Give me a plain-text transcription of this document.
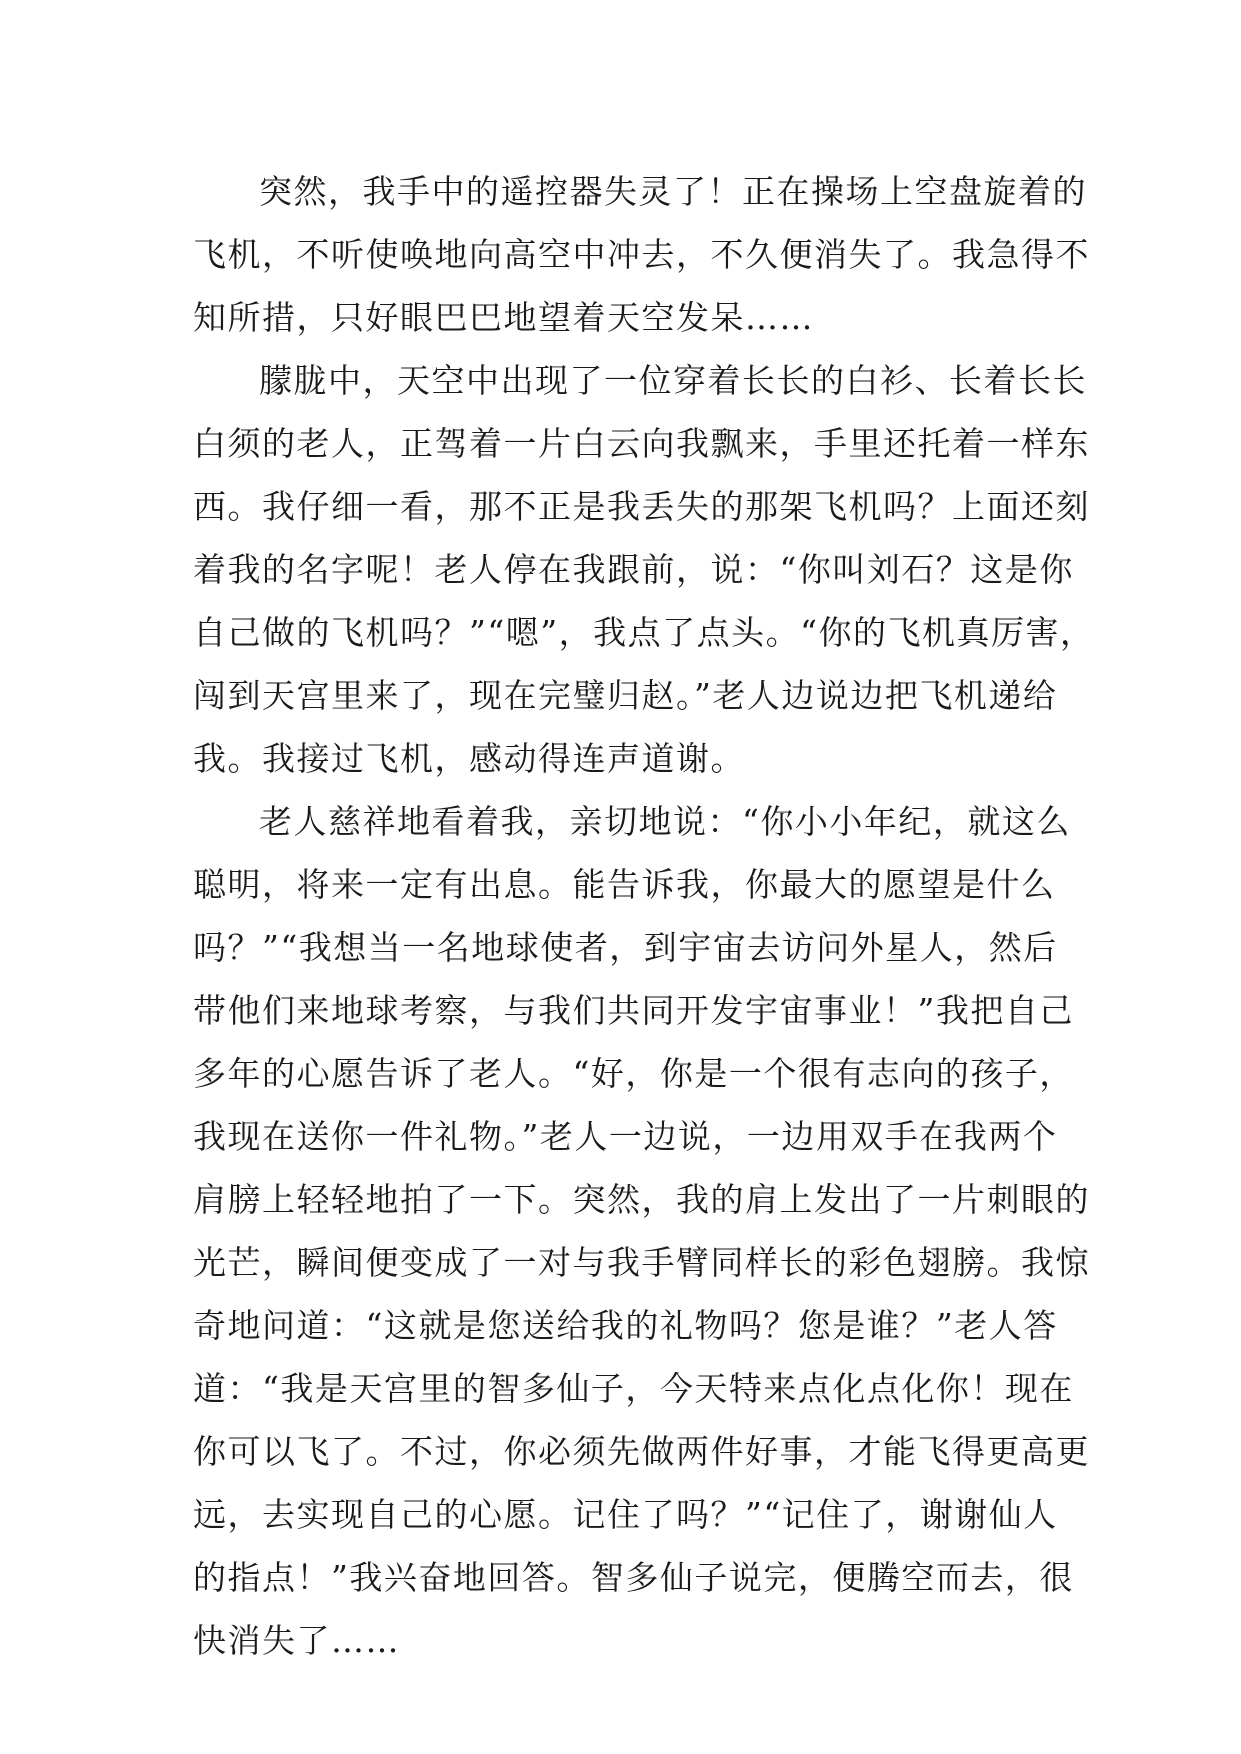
突然，我手中的遥控器失灵了！正在操场上空盘旋着的
飞机，不听使唤地向高空中冲去，不久便消失了。我急得不
知所措，只好眼巴巴地望着天空发呆……
朦胧中，天空中出现了一位穿着长长的白衫、长着长长
白须的老人，正驾着一片白云向我飘来，手里还托着一样东
西。我仔细一看，那不正是我丢失的那架飞机吗？上面还刻
着我的名字呢！老人停在我跟前，说：“你叫刘石？这是你
自己做的飞机吗？”“嗯”，我点了点头。“你的飞机真厉害，
闯到天宫里来了，现在完璧归赵。”老人边说边把飞机递给
我。我接过飞机，感动得连声道谢。
老人慈祥地看着我，亲切地说：“你小小年纪，就这么
聪明，将来一定有出息。能告诉我，你最大的愿望是什么
吗？”“我想当一名地球使者，到宇宙去访问外星人，然后
带他们来地球考察，与我们共同开发宇宙事业！”我把自己
多年的心愿告诉了老人。“好，你是一个很有志向的孩子，
我现在送你一件礼物。”老人一边说，一边用双手在我两个
肩膀上轻轻地拍了一下。突然，我的肩上发出了一片刺眼的
光芒，瞬间便变成了一对与我手臂同样长的彩色翅膀。我惊
奇地问道：“这就是您送给我的礼物吗？您是谁？”老人答
道：“我是天宫里的智多仙子，今天特来点化点化你！现在
你可以飞了。不过，你必须先做两件好事，才能飞得更高更
远，去实现自己的心愿。记住了吗？”“记住了，谢谢仙人
的指点！”我兴奋地回答。智多仙子说完，便腾空而去，很
快消失了……
